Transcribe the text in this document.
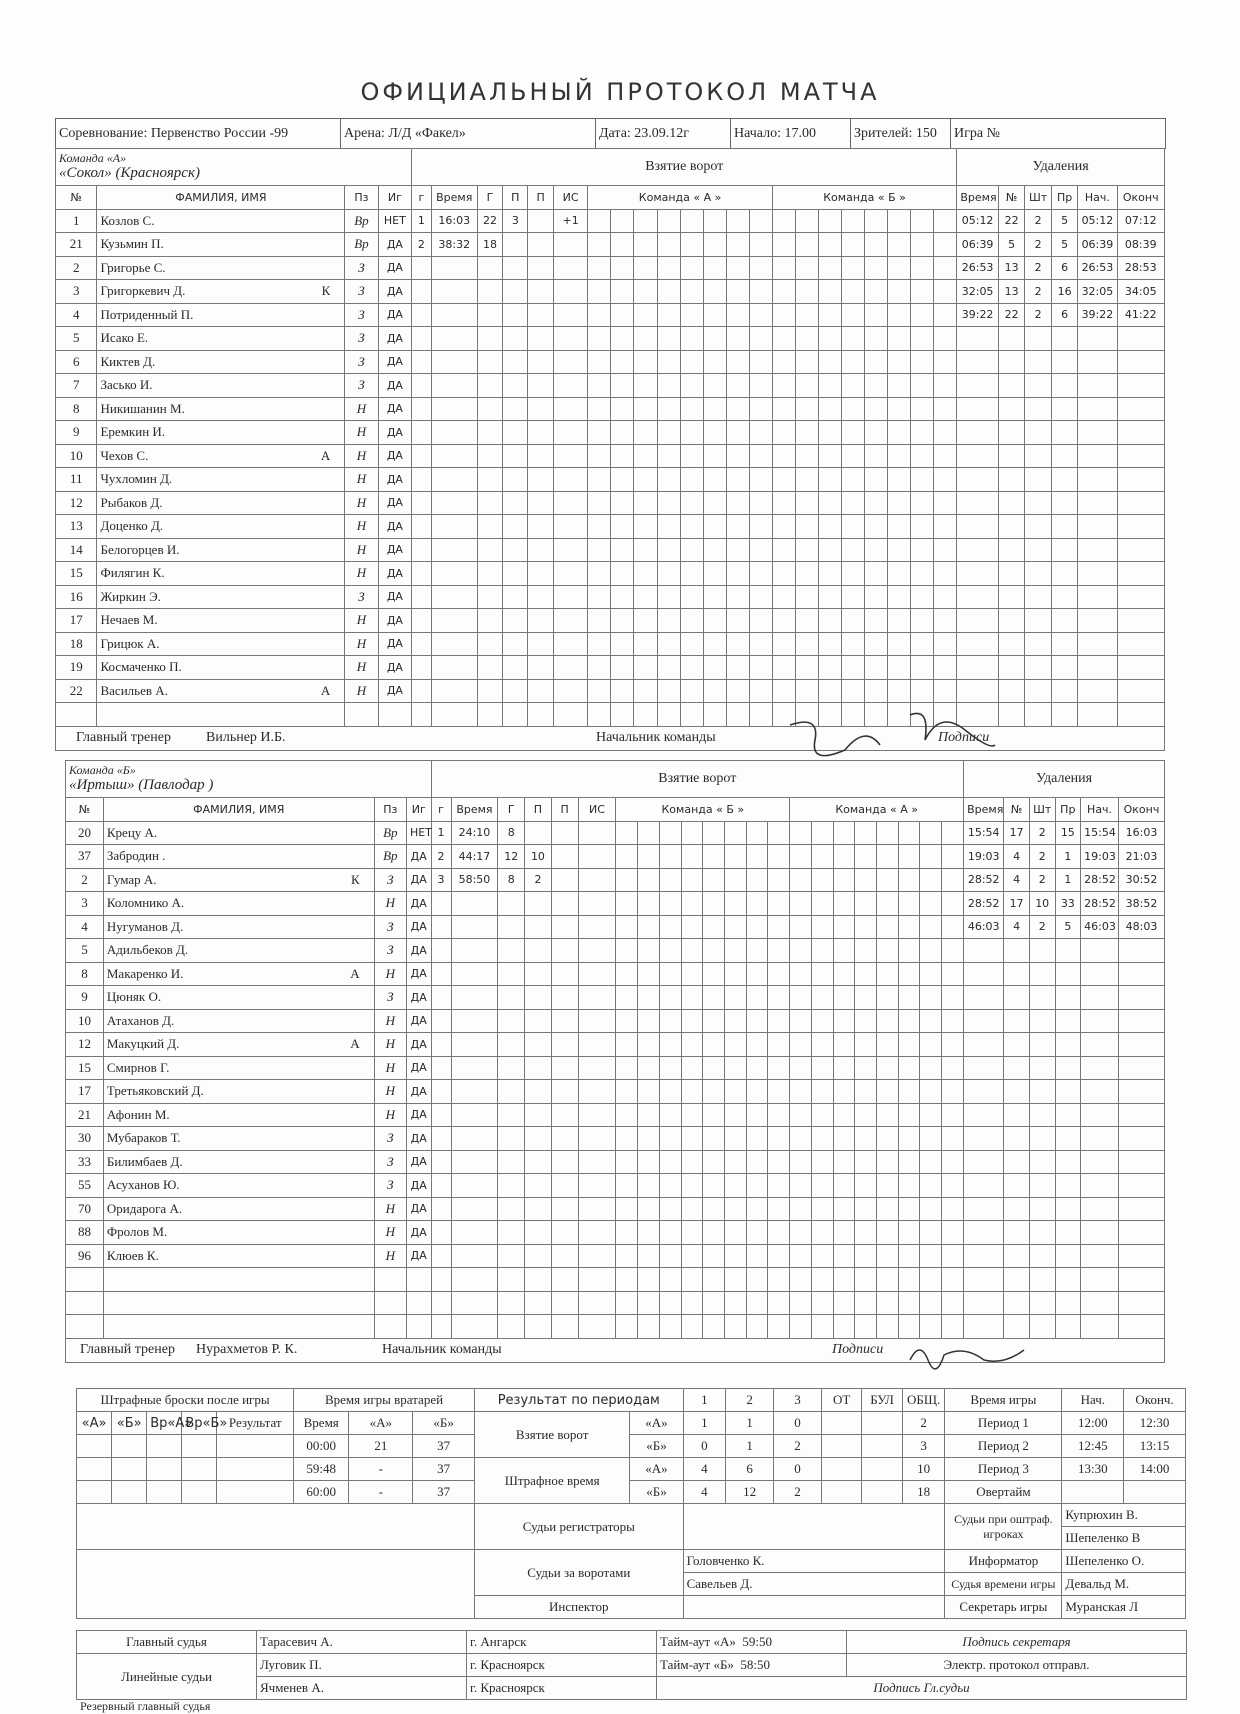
ОФИЦИАЛЬНЫЙ ПРОТОКОЛ МАТЧА
Соревнование: Первенство России -99	Арена: Л/Д «Факел»	Дата: 23.09.12г	Начало: 17.00	Зрителей: 150	Игра №
Команда «А»
«Сокол» (Красноярск)				Взятие ворот																						Удаления					
№	ФАМИЛИЯ, ИМЯ	Пз	Иг	г	Время	Г	П	П	ИС	Команда « А »								Команда « Б »								Время	№	Шт	Пр	Нач.	Оконч
1	Козлов С.	Вр	НЕТ	1	16:03	22	3		+1																	05:12	22	2	5	05:12	07:12
21	Кузьмин П.	Вр	ДА	2	38:32	18																				06:39	5	2	5	06:39	08:39
2	Григорье С.	З	ДА																							26:53	13	2	6	26:53	28:53
3	Григоркевич Д. К	З	ДА																							32:05	13	2	16	32:05	34:05
4	Потриденный П.	З	ДА																							39:22	22	2	6	39:22	41:22
5	Исако Е.	З	ДА																												
6	Киктев Д.	З	ДА																												
7	Засько И.	З	ДА																												
8	Никишанин М.	Н	ДА																												
9	Еремкин И.	Н	ДА																												
10	Чехов С. А	Н	ДА																												
11	Чухломин Д.	Н	ДА																												
12	Рыбаков Д.	Н	ДА																												
13	Доценко Д.	Н	ДА																												
14	Белогорцев И.	Н	ДА																												
15	Филягин К.	Н	ДА																												
16	Жиркин Э.	З	ДА																												
17	Нечаев М.	Н	ДА																												
18	Грицюк А.	Н	ДА																												
19	Космаченко П.	Н	ДА																												
22	Васильев А. А	Н	ДА																												

Главный тренер	Вильнер И.Б.	Начальник команды	Подписи
Команда «Б»
«Иртыш» (Павлодар )				Взятие ворот																						Удаления					
№	ФАМИЛИЯ, ИМЯ	Пз	Иг	г	Время	Г	П	П	ИС	Команда « Б »								Команда « А »								Время	№	Шт	Пр	Нач.	Оконч
20	Крецу А.	Вр	НЕТ	1	24:10	8																				15:54	17	2	15	15:54	16:03
37	Забродин .	Вр	ДА	2	44:17	12	10																			19:03	4	2	1	19:03	21:03
2	Гумар А. К	З	ДА	3	58:50	8	2																			28:52	4	2	1	28:52	30:52
3	Коломнико А.	Н	ДА																							28:52	17	10	33	28:52	38:52
4	Нугуманов Д.	З	ДА																							46:03	4	2	5	46:03	48:03
5	Адильбеков Д.	З	ДА																												
8	Макаренко И. А	Н	ДА																												
9	Цюняк О.	З	ДА																												
10	Атаханов Д.	Н	ДА																												
12	Макуцкий Д. А	Н	ДА																												
15	Смирнов Г.	Н	ДА																												
17	Третьяковский Д.	Н	ДА																												
21	Афонин М.	Н	ДА																												
30	Мубараков Т.	З	ДА																												
33	Билимбаев Д.	З	ДА																												
55	Асуханов Ю.	З	ДА																												
70	Оридарога А.	Н	ДА																												
88	Фролов М.	Н	ДА																												
96	Клюев К.	Н	ДА																												

Главный тренер Нурахметов Р. К.	Начальник команды	Подписи
Штрафные броски после игры					Время игры вратарей			Результат по периодам		1	2	3	ОТ	БУЛ	ОБЩ.	Время игры	Нач.	Оконч.
«А»	«Б»	Вр«А»	Вр«Б»	Результат	Время	«А»	«Б»	Взятие ворот	«А»	1	1	0			2	Период 1	12:00	12:30
					00:00	21	37		«Б»	0	1	2			3	Период 2	12:45	13:15
					59:48	-	37	Штрафное время	«А»	4	6	0			10	Период 3	13:30	14:00
					60:00	-	37		«Б»	4	12	2			18	Овертайм		
								Судьи регистраторы								Судьи при оштраф. игроках	Купрюхин В.	
																	Шепеленко В	
								Судьи за воротами		Головченко К.						Информатор	Шепеленко О.	
										Савельев Д.						Судья времени игры	Девальд М.	
								Инспектор								Секретарь игры	Муранская Л	
Главный судья	Тарасевич А.	г. Ангарск	Тайм-аут «А» 59:50	Подпись секретаря
Линейные судьи	Луговик П.	г. Красноярск	Тайм-аут «Б» 58:50	Электр. протокол отправл.
	Ячменев А.	г. Красноярск	Подпись Гл.судьи	
Резервный главный судья
